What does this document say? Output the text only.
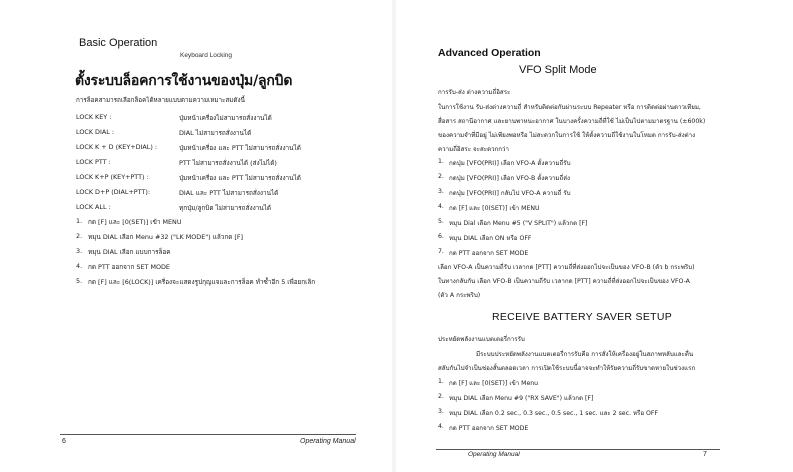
Basic Operation
Keyboard Locking
ตั้งระบบล็อคการใช้งานของปุ่ม/ลูกบิด
การล็อคสามารถเลือกล็อคได้หลายแบบตามความเหมาะสมดังนี้
LOCK KEY :	ปุ่มหน้าเครื่องไม่สามารถสั่งงานได้
LOCK DIAL :	DIAL ไม่สามารถสั่งงานได้
LOCK K + D (KEY+DIAL) :	ปุ่มหน้าเครื่อง และ PTT ไม่สามารถสั่งงานได้
LOCK PTT :	PTT ไม่สามารถสั่งงานได้ (ส่งไม่ได้)
LOCK K+P (KEY+PTT) :	ปุ่มหน้าเครื่อง และ PTT ไม่สามารถสั่งงานได้
LOCK D+P (DIAL+PTT):	DIAL และ PTT ไม่สามารถสั่งงานได้
LOCK ALL :	ทุกปุ่ม/ลูกบิด ไม่สามารถสั่งงานได้
1. กด [F] และ [0(SET)] เข้า MENU
2. หมุน DIAL เลือก Menu #32 ("LK MODE") แล้วกด [F]
3. หมุน DIAL เลือก แบบการล็อค
4. กด PTT ออกจาก SET MODE
5. กด [F] และ [6(LOCK)] เครื่องจะแสดงรูปกุญแจและการล็อค ทำซ้ำอีก 5 เพื่อยกเลิก
6	Operating Manual
Advanced Operation
VFO Split Mode
การรับ-ส่ง ต่างความถี่อิสระ
ในการใช้งาน รับ-ส่งต่างความถี่ สำหรับติดต่อกับผ่านระบบ Repeater หรือ การติดต่อผ่านดาวเทียม,
สื่อสาร สถานีอากาศ และยานพาหนะอากาศ ในบางครั้งความถี่ที่ใช้ ไม่เป็นไปตามมาตรฐาน (±600k)
ของความจำที่มีอยู่ ไม่เพียงพอหรือ ไม่สะดวกในการใช้ ให้ตั้งความถี่ใช้งานในโหมด การรับ-ส่งต่าง
ความถี่อิสระ จะสะดวกกว่า
1. กดปุ่ม [VFO(PRI)] เลือก VFO-A ตั้งความถี่รับ
2. กดปุ่ม [VFO(PRI)] เลือก VFO-B ตั้งความถี่ส่ง
3. กดปุ่ม [VFO(PRI)] กลับไป VFO-A ความถี่ รับ
4. กด [F] และ [0(SET)] เข้า MENU
5. หมุน Dial เลือก Menu #5 ("V SPLIT") แล้วกด [F]
6. หมุน DIAL เลือก ON หรือ OFF
7. กด PTT ออกจาก SET MODE
เลือก VFO-A เป็นความถี่รับ เวลากด [PTT] ความถี่ที่ส่งออกไปจะเป็นของ VFO-B (ตัว b กระพริบ)
ในทางกลับกัน เลือก VFO-B เป็นความถี่รับ เวลากด [PTT] ความถี่ที่ส่งออกไปจะเป็นของ VFO-A
(ตัว A กระพริบ)
RECEIVE BATTERY SAVER SETUP
ประหยัดพลังงานแบตเตอรี่การรับ
มีระบบประหยัดพลังงานแบตเตอรี่การรับคือ การสั่งให้เครื่องอยู่ในสภาพหลับและตื่น
สลับกันไปจำเป็นช่องสั้นตลอดเวลา การเปิดใช้ระบบนี้อาจจะทำให้รัยความถี่รับขาดหายในช่วงแรก
1. กด [F] และ [0(SET)] เข้า Menu
2. หมุน DIAL เลือก Menu #9 ("RX SAVE") แล้วกด [F]
3. หมุน DIAL เลือก 0.2 sec., 0.3 sec., 0.5 sec., 1 sec. และ 2 sec. หรือ OFF
4. กด PTT ออกจาก SET MODE
Operating Manual	7
